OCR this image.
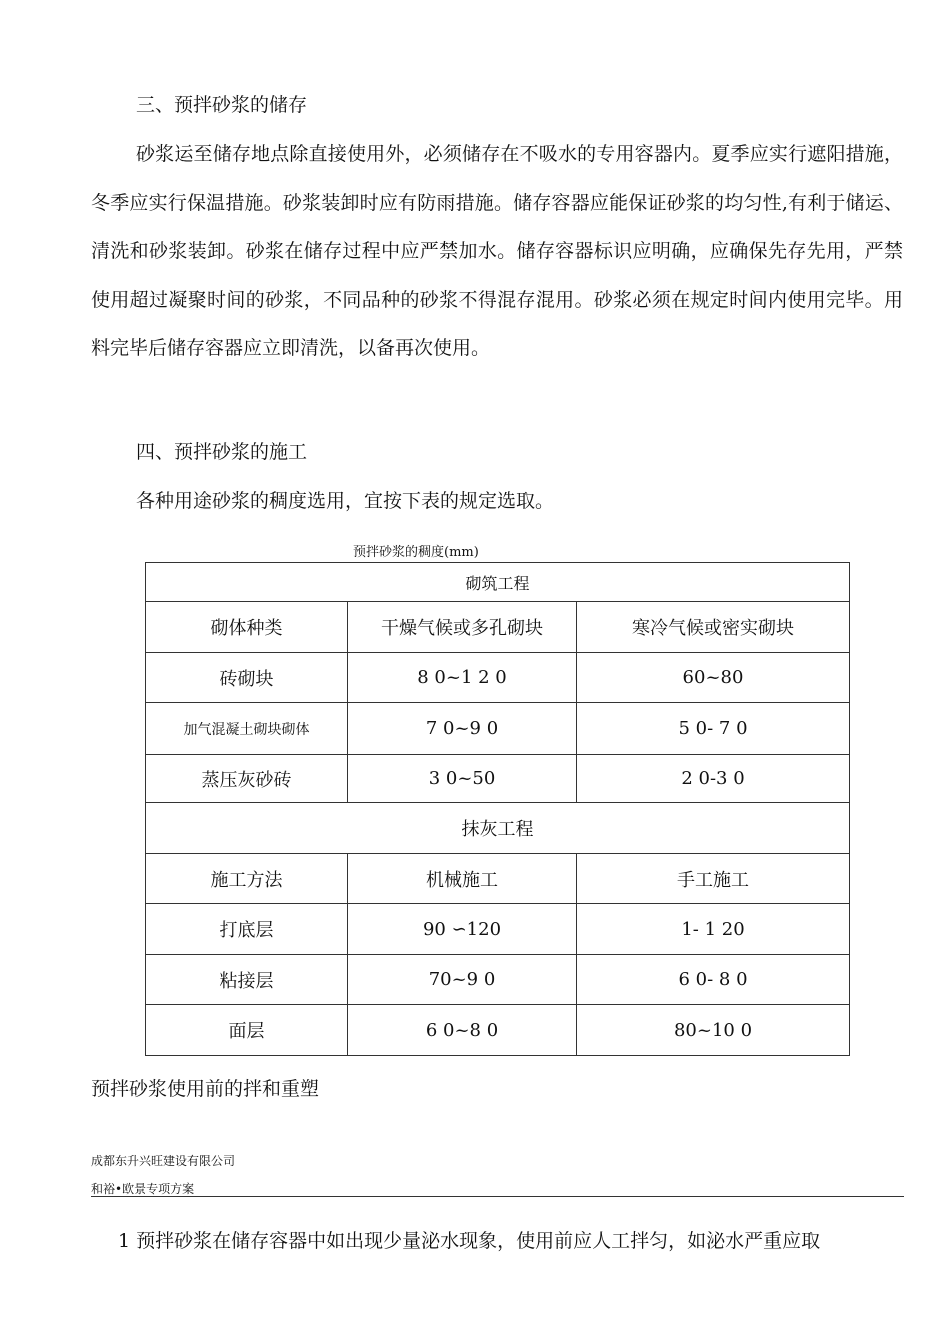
三、预拌砂浆的储存

砂浆运至储存地点除直接使用外，必须储存在不吸水的专用容器内。夏季应实行遮阳措施，冬季应实行保温措施。砂浆装卸时应有防雨措施。储存容器应能保证砂浆的均匀性,有利于储运、清洗和砂浆装卸。砂浆在储存过程中应严禁加水。储存容器标识应明确，应确保先存先用，严禁使用超过凝聚时间的砂浆，不同品种的砂浆不得混存混用。砂浆必须在规定时间内使用完毕。用料完毕后储存容器应立即清洗，以备再次使用。

四、预拌砂浆的施工

各种用途砂浆的稠度选用，宜按下表的规定选取。

预拌砂浆的稠度(mm)

砌筑工程		
砌体种类	干燥气候或多孔砌块	寒冷气候或密实砌块
砖砌块	8 0~1 2 0	60~80
加气混凝土砌块砌体	7 0~9 0	5 0- 7 0
蒸压灰砂砖	3 0~50	2 0-3 0
抹灰工程		
施工方法	机械施工	手工施工
打底层	90 ∽120	1- 1 20
粘接层	70~9 0	6 0- 8 0
面层	6 0~8 0	80~10 0

预拌砂浆使用前的拌和重塑

成都东升兴旺建设有限公司

和裕•欧景专项方案

1 预拌砂浆在储存容器中如出现少量泌水现象，使用前应人工拌匀，如泌水严重应取
